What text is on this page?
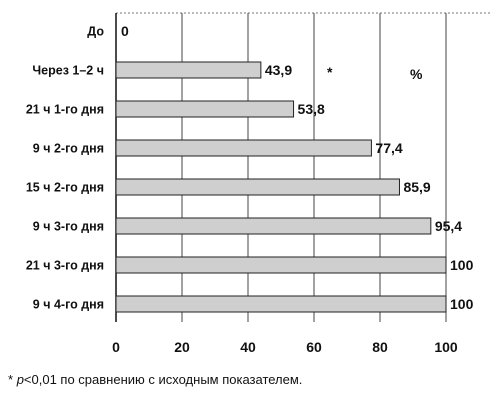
До
Через 1–2 ч
21 ч 1-го дня
9 ч 2-го дня
15 ч 2-го дня
9 ч 3-го дня
21 ч 3-го дня
9 ч 4-го дня
0
43,9
53,8
77,4
85,9
95,4
100
100
0	20	40	60	80	100
*	%
* p<0,01 по сравнению с исходным показателем.
